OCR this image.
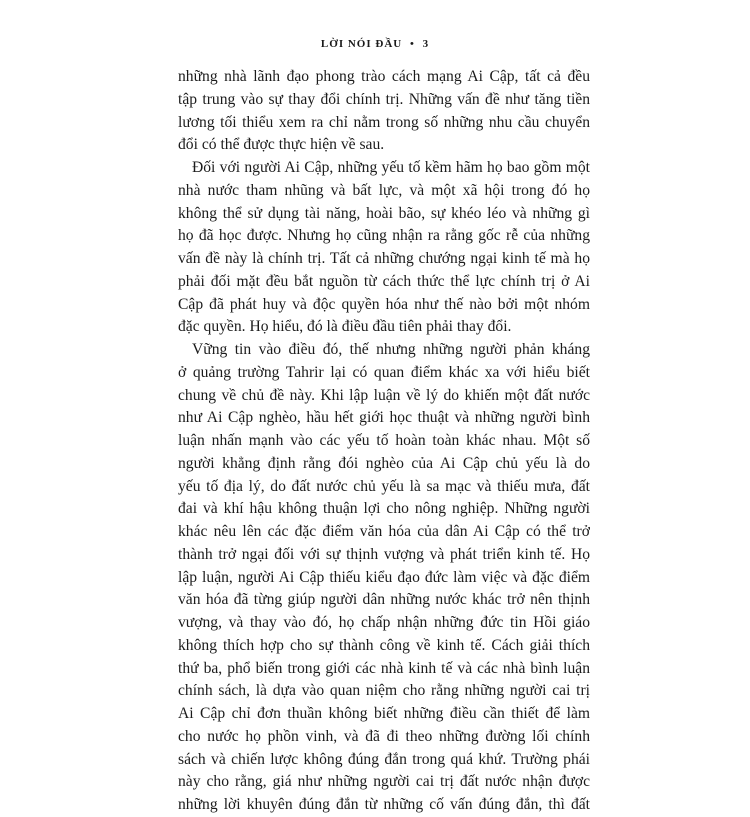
LỜI NÓI ĐẦU • 3
những nhà lãnh đạo phong trào cách mạng Ai Cập, tất cả đều
tập trung vào sự thay đổi chính trị. Những vấn đề như tăng tiền
lương tối thiểu xem ra chỉ nằm trong số những nhu cầu chuyển
đổi có thể được thực hiện về sau.
Đối với người Ai Cập, những yếu tố kềm hãm họ bao gồm một
nhà nước tham nhũng và bất lực, và một xã hội trong đó họ
không thể sử dụng tài năng, hoài bão, sự khéo léo và những gì
họ đã học được. Nhưng họ cũng nhận ra rằng gốc rễ của những
vấn đề này là chính trị. Tất cả những chướng ngại kinh tế mà họ
phải đối mặt đều bắt nguồn từ cách thức thể lực chính trị ở Ai
Cập đã phát huy và độc quyền hóa như thế nào bởi một nhóm
đặc quyền. Họ hiểu, đó là điều đầu tiên phải thay đổi.
Vững tin vào điều đó, thế nhưng những người phản kháng
ở quảng trường Tahrir lại có quan điểm khác xa với hiểu biết
chung về chủ đề này. Khi lập luận về lý do khiến một đất nước
như Ai Cập nghèo, hầu hết giới học thuật và những người bình
luận nhấn mạnh vào các yếu tố hoàn toàn khác nhau. Một số
người khẳng định rằng đói nghèo của Ai Cập chủ yếu là do
yếu tố địa lý, do đất nước chủ yếu là sa mạc và thiếu mưa, đất
đai và khí hậu không thuận lợi cho nông nghiệp. Những người
khác nêu lên các đặc điểm văn hóa của dân Ai Cập có thể trở
thành trở ngại đối với sự thịnh vượng và phát triển kinh tế. Họ
lập luận, người Ai Cập thiếu kiểu đạo đức làm việc và đặc điểm
văn hóa đã từng giúp người dân những nước khác trở nên thịnh
vượng, và thay vào đó, họ chấp nhận những đức tin Hồi giáo
không thích hợp cho sự thành công về kinh tế. Cách giải thích
thứ ba, phổ biến trong giới các nhà kinh tế và các nhà bình luận
chính sách, là dựa vào quan niệm cho rằng những người cai trị
Ai Cập chỉ đơn thuần không biết những điều cần thiết để làm
cho nước họ phồn vinh, và đã đi theo những đường lối chính
sách và chiến lược không đúng đắn trong quá khứ. Trường phái
này cho rằng, giá như những người cai trị đất nước nhận được
những lời khuyên đúng đắn từ những cố vấn đúng đắn, thì đất
